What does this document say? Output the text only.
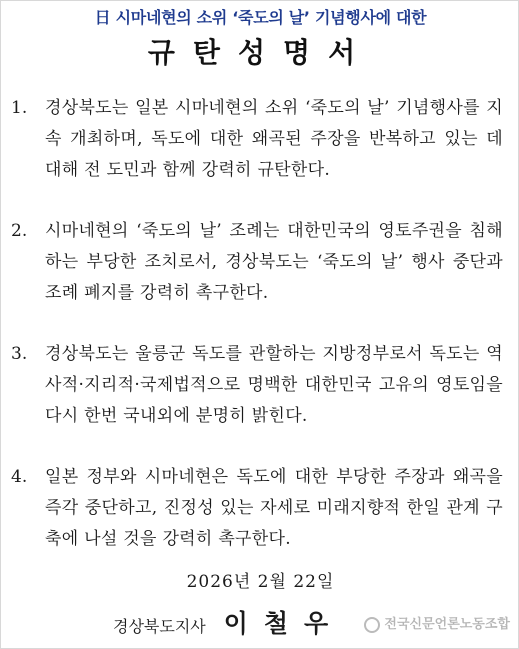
日 시마네현의 소위 ‘죽도의 날’ 기념행사에 대한
규탄성명서
1.	경상북도는 일본 시마네현의 소위 ‘죽도의 날’ 기념행사를 지속 개최하며, 독도에 대한 왜곡된 주장을 반복하고 있는 데 대해 전 도민과 함께 강력히 규탄한다.
2.	시마네현의 ‘죽도의 날’ 조례는 대한민국의 영토주권을 침해하는 부당한 조치로서, 경상북도는 ‘죽도의 날’ 행사 중단과 조례 폐지를 강력히 촉구한다.
3.	경상북도는 울릉군 독도를 관할하는 지방정부로서 독도는 역사적·지리적·국제법적으로 명백한 대한민국 고유의 영토임을 다시 한번 국내외에 분명히 밝힌다.
4.	일본 정부와 시마네현은 독도에 대한 부당한 주장과 왜곡을 즉각 중단하고, 진정성 있는 자세로 미래지향적 한일 관계 구축에 나설 것을 강력히 촉구한다.
2026년 2월 22일
경상북도지사 이철우	전국신문언론노동조합
